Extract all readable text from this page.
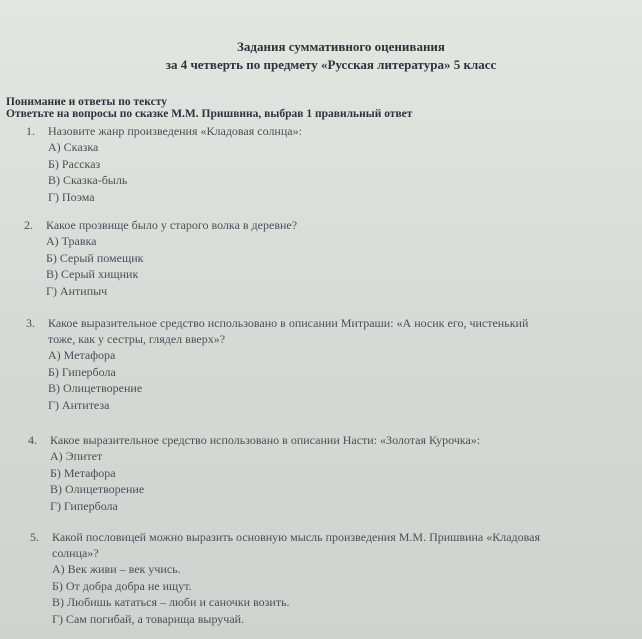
Задания суммативного оценивания
за 4 четверть по предмету «Русская литература» 5 класс
Понимание и ответы по тексту
Ответьте на вопросы по сказке М.М. Пришвина, выбрав 1 правильный ответ
1. Назовите жанр произведения «Кладовая солнца»:
А) Сказка
Б) Рассказ
В) Сказка-быль
Г) Поэма
2. Какое прозвище было у старого волка в деревне?
А) Травка
Б) Серый помещик
В) Серый хищник
Г) Антипыч
3. Какое выразительное средство использовано в описании Митраши: «А носик его, чистенький
тоже, как у сестры, глядел вверх»?
А) Метафора
Б) Гипербола
В) Олицетворение
Г) Антитеза
4. Какое выразительное средство использовано в описании Насти: «Золотая Курочка»:
А) Эпитет
Б) Метафора
В) Олицетворение
Г) Гипербола
5. Какой пословицей можно выразить основную мысль произведения М.М. Пришвина «Кладовая
солнца»?
А) Век живи – век учись.
Б) От добра добра не ищут.
В) Любишь кататься – люби и саночки возить.
Г) Сам погибай, а товарища выручай.
